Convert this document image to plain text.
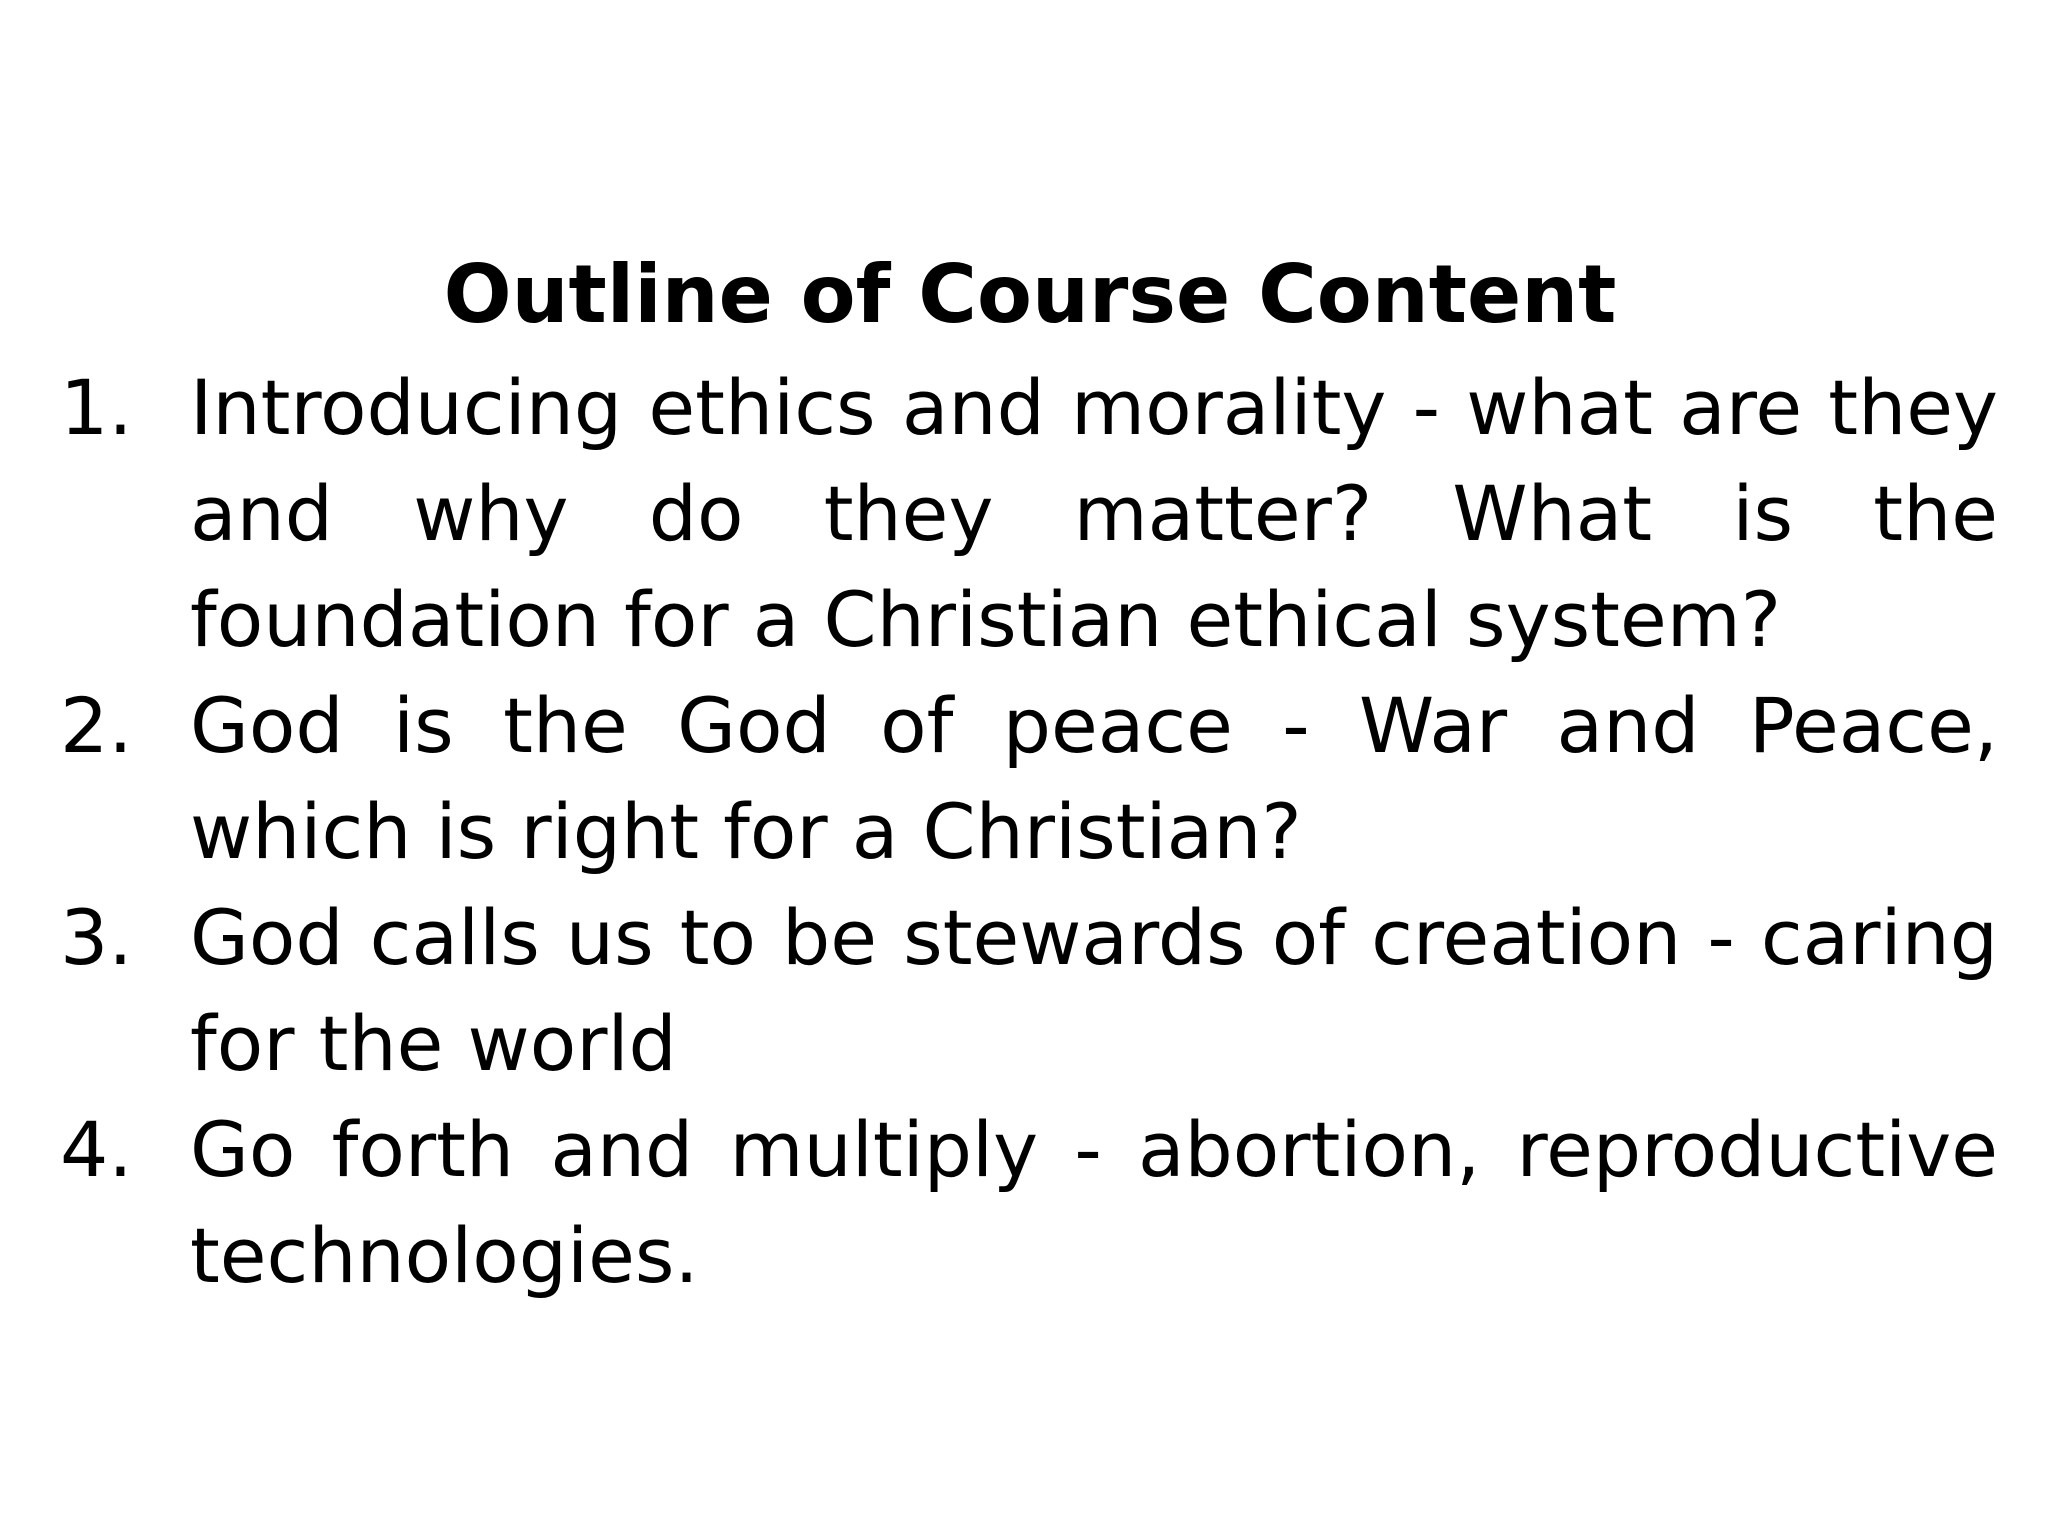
Outline of Course Content
1. Introducing ethics and morality - what are they and why do they matter? What is the foundation for a Christian ethical system?
2. God is the God of peace - War and Peace, which is right for a Christian?
3. God calls us to be stewards of creation - caring for the world
4. Go forth and multiply - abortion, reproductive technologies.
